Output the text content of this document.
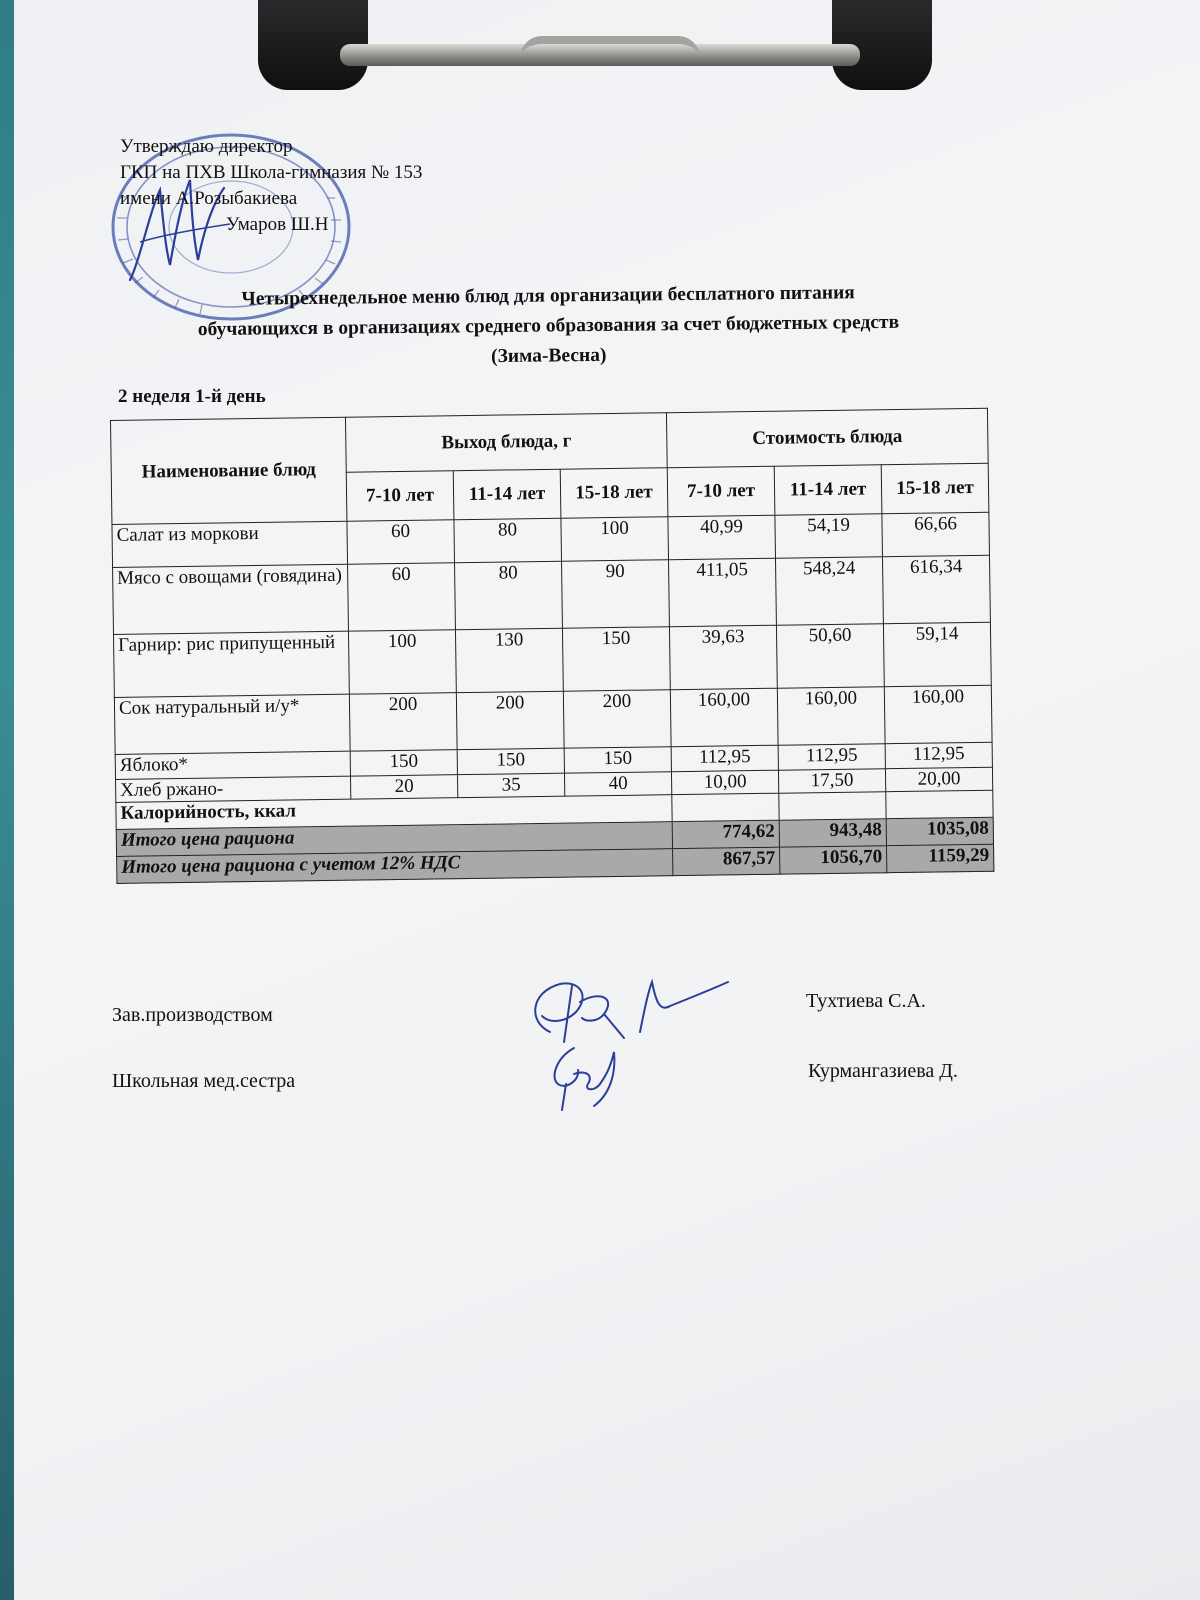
Утверждаю директор
ГКП на ПХВ Школа-гимназия № 153
имени А.Розыбакиева
Умаров Ш.Н
Четырехнедельное меню блюд для организации бесплатного питания
обучающихся в организациях среднего образования за счет бюджетных средств
(Зима-Весна)
2 неделя 1-й день
Наименование блюд	Выход блюда, г			Стоимость блюда		
	7-10 лет	11-14 лет	15-18 лет	7-10 лет	11-14 лет	15-18 лет
Салат из моркови	60	80	100	40,99	54,19	66,66
Мясо с овощами (говядина)	60	80	90	411,05	548,24	616,34
Гарнир: рис припущенный	100	130	150	39,63	50,60	59,14
Сок натуральный и/у*	200	200	200	160,00	160,00	160,00
Яблоко*	150	150	150	112,95	112,95	112,95
Хлеб ржано-	20	35	40	10,00	17,50	20,00
Калорийность, ккал						
Итого цена рациона				774,62	943,48	1035,08
Итого цена рациона с учетом 12% НДС				867,57	1056,70	1159,29
Зав.производством
Тухтиева С.А.
Школьная мед.сестра	Курмангазиева Д.
